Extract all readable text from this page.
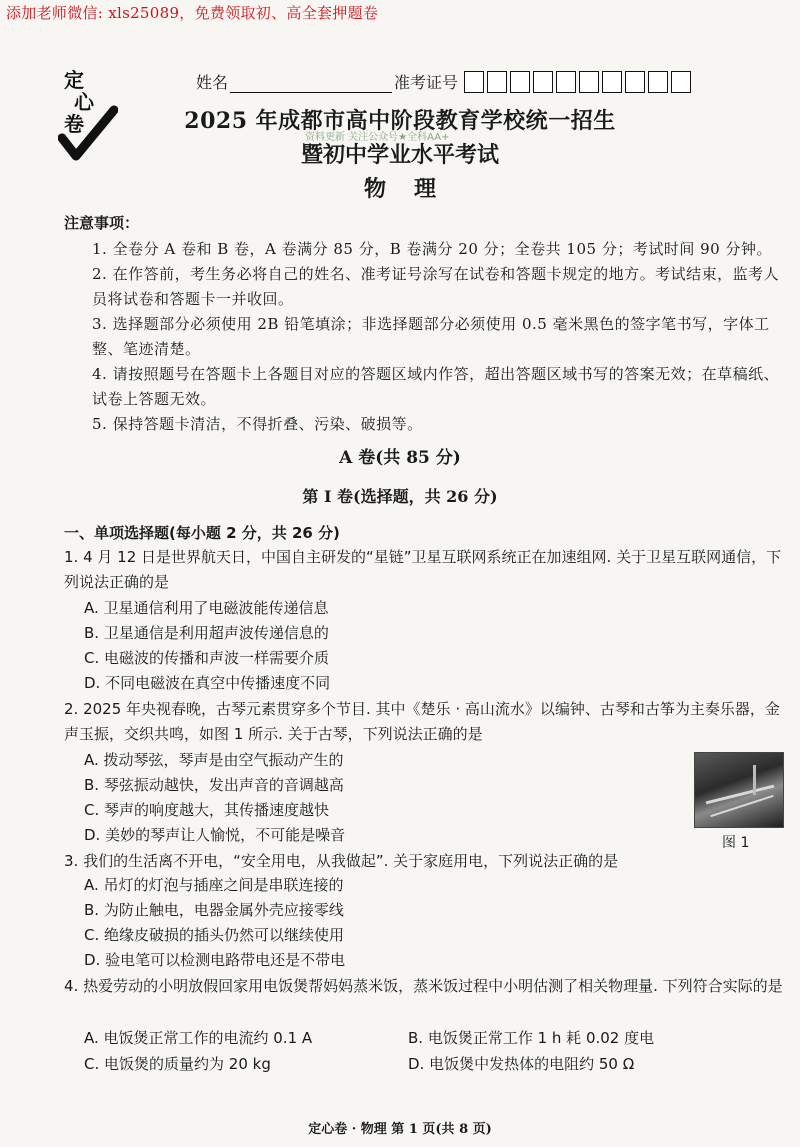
添加老师微信: xls25089，免费领取初、高全套押题卷
定
心
卷
姓名	准考证号
2025 年成都市高中阶段教育学校统一招生
资料更新 关注公众号★全科AA+
暨初中学业水平考试
物理
注意事项：
1. 全卷分 A 卷和 B 卷，A 卷满分 85 分，B 卷满分 20 分；全卷共 105 分；考试时间 90 分钟。
2. 在作答前，考生务必将自己的姓名、准考证号涂写在试卷和答题卡规定的地方。考试结束，监考人员将试卷和答题卡一并收回。
3. 选择题部分必须使用 2B 铅笔填涂；非选择题部分必须使用 0.5 毫米黑色的签字笔书写，字体工整、笔迹清楚。
4. 请按照题号在答题卡上各题目对应的答题区域内作答，超出答题区域书写的答案无效；在草稿纸、试卷上答题无效。
5. 保持答题卡清洁，不得折叠、污染、破损等。
A 卷(共 85 分)
第 Ⅰ 卷(选择题，共 26 分)
一、单项选择题(每小题 2 分，共 26 分)
1. 4 月 12 日是世界航天日，中国自主研发的“星链”卫星互联网系统正在加速组网. 关于卫星互联网通信，下列说法正确的是
A. 卫星通信利用了电磁波能传递信息
B. 卫星通信是利用超声波传递信息的
C. 电磁波的传播和声波一样需要介质
D. 不同电磁波在真空中传播速度不同
2. 2025 年央视春晚，古琴元素贯穿多个节目. 其中《楚乐 · 高山流水》以编钟、古琴和古筝为主奏乐器，金声玉振，交织共鸣，如图 1 所示. 关于古琴，下列说法正确的是
A. 拨动琴弦，琴声是由空气振动产生的
B. 琴弦振动越快，发出声音的音调越高
C. 琴声的响度越大，其传播速度越快
D. 美妙的琴声让人愉悦，不可能是噪音	图 1
3. 我们的生活离不开电，“安全用电，从我做起”. 关于家庭用电，下列说法正确的是
A. 吊灯的灯泡与插座之间是串联连接的
B. 为防止触电，电器金属外壳应接零线
C. 绝缘皮破损的插头仍然可以继续使用
D. 验电笔可以检测电路带电还是不带电
4. 热爱劳动的小明放假回家用电饭煲帮妈妈蒸米饭，蒸米饭过程中小明估测了相关物理量. 下列符合实际的是
A. 电饭煲正常工作的电流约 0.1 A	B. 电饭煲正常工作 1 h 耗 0.02 度电
C. 电饭煲的质量约为 20 kg	D. 电饭煲中发热体的电阻约 50 Ω
定心卷 · 物理 第 1 页(共 8 页)
